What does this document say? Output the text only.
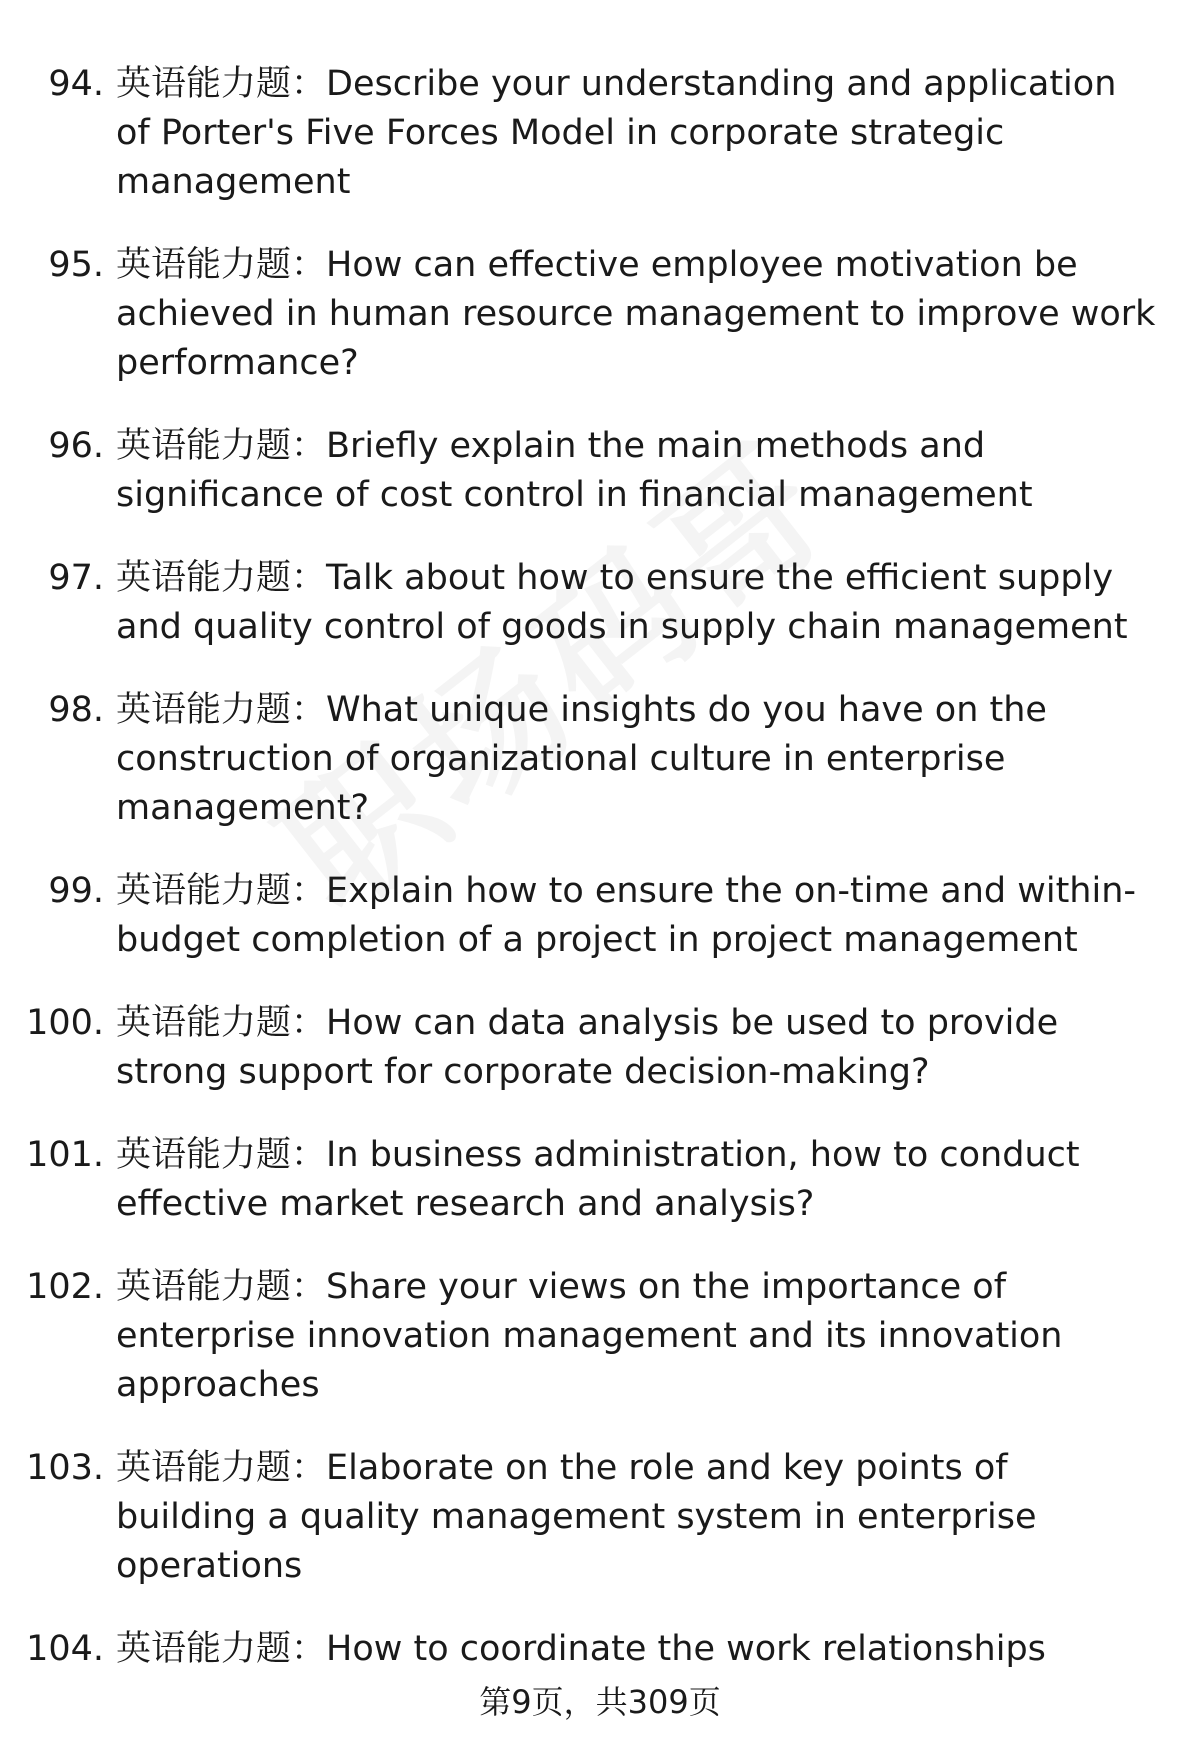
94. 英语能力题：Describe your understanding and application of Porter's Five Forces Model in corporate strategic management
95. 英语能力题：How can effective employee motivation be achieved in human resource management to improve work performance?
96. 英语能力题：Briefly explain the main methods and significance of cost control in financial management
97. 英语能力题：Talk about how to ensure the efficient supply and quality control of goods in supply chain management
98. 英语能力题：What unique insights do you have on the construction of organizational culture in enterprise management?
99. 英语能力题：Explain how to ensure the on-time and within-budget completion of a project in project management
100. 英语能力题：How can data analysis be used to provide strong support for corporate decision-making?
101. 英语能力题：In business administration, how to conduct effective market research and analysis?
102. 英语能力题：Share your views on the importance of enterprise innovation management and its innovation approaches
103. 英语能力题：Elaborate on the role and key points of building a quality management system in enterprise operations
104. 英语能力题：How to coordinate the work relationships
第9页，共309页
